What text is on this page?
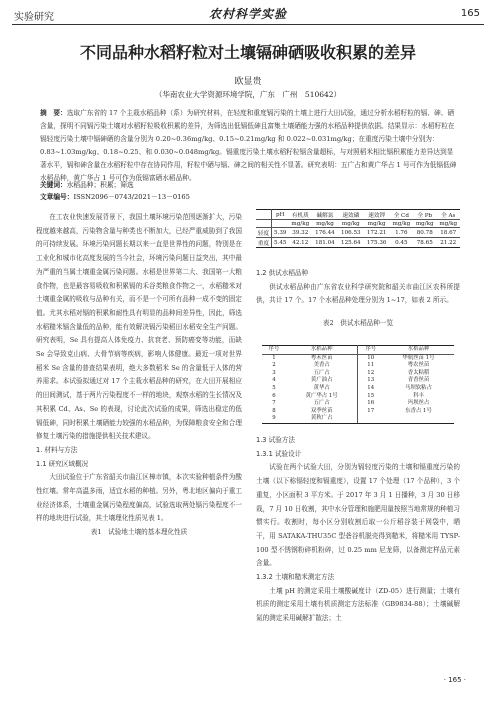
实验研究	农村科学实验	165
不同品种水稻籽粒对土壤镉砷硒吸收积累的差异
欧显贵
（华南农业大学资源环境学院，广东　广州　510642）
摘　要：选取广东省的 17 个主栽水稻品种（系）为研究材料，在轻度和重度镉污染的土壤上进行大田试验，通过分析水稻籽粒的镉、砷、硒含量，探明不同镉污染土壤对水稻籽粒吸收积累的差异，为筛选出低镉低砷且富集土壤硒能力强的水稻品种提供依据。结果显示：水稻籽粒在镉轻度污染土壤中镉砷硒的含量分别为 0.20~0.36mg/kg、0.15~0.21mg/kg 和 0.022~0.031mg/kg；在重度污染土壤中分别为：0.83~1.03mg/kg、0.18~0.25、和 0.030~0.048mg/kg。镉重度污染土壤水稻籽粒镉含量超标，与对照稻米相比镉积累能力差异达到显著水平，镉和砷含量在水稻籽粒中存在协同作用，籽粒中硒与镉、砷之间的相关性不显著。研究表明：五广占和黄广华占 1 号可作为低镉低砷水稻品种，黄广华占 1 号可作为低镉富硒水稻品种。
关键词：水稻品种；积累；筛选
文章编号：ISSN2096－0743/2021－13－0165
在工农业快速发展背景下，我国土壤环境污染范围逐渐扩大，污染程度越来越高，污染物含量与种类也不断加大，已经严重威胁到了我国的可持续发展。环境污染问题长期以来一直是世界性的问题，特别是在工业化和城市化高度发展的当今社会，环境污染问题日益突出，其中最为严重的当属土壤重金属污染问题。水稻是世界第二大、我国第一大粮食作物，也是最容易吸收和积累镉的禾谷类粮食作物之一，水稻糙米对土壤重金属的吸收与品种有关，而不是一个可所有品种一成不变的固定值。尤其水稻对镉的积累和耐性具有明显的品种间差异性，因此，筛选水稻糙米镉含量低的品种，能有效解决镉污染稻田水稻安全生产问题。研究表明，Se 具有提高人体免疫力、抗衰老、预防癌变等功能，而缺 Se 会导致克山病、大骨节病等疾病，影响人体健康。最近一项对世界稻米 Se 含量的普查结果表明，绝大多数稻米 Se 的含量低于人体的营养需求。本试验拟通过对 17 个主栽水稻品种的研究，在大田开展相应的田间测试，基于两片污染程度不一样的地块，观察水稻的生长情况及其积累 Cd、As、Se 的表现，讨论此次试验的成果，筛选出稳定的低镉低砷，同时积累土壤硒能力较强的水稻品种，为保障粮食安全和合理修复土壤污染的措施提供相关技术建议。
1. 材料与方法
1.1 研究区域概况
大田试验位于广东省韶关市曲江区樟市镇，本次实验种植条件为酸性红壤。常年高温多雨，适宜水稻的种植。另外，粤北地区偏向于重工业经济体系，土壤重金属污染程度偏高，试验选取两处镉污染程度不一样的地块进行试验，其土壤理化性质见表 1。
表1　试验地土壤的基本理化性质
	pH	有机质	碱解氮	速效磷	速效钾	全 Cd	全 Pb	全 As
		mg/kg	mg/kg	mg/kg	mg/kg	mg/kg	mg/kg	mg/kg
轻度	5.39	39.32	176.44	106.53	172.21	1.76	80.78	18.67
重度	5.45	42.12	181.04	125.64	175.36	0.45	78.65	21.22
1.2 供试水稻品种
供试水稻品种由广东省农业科学研究院和韶关市曲江区农科所提供，共计 17 个。17 个水稻品种处理分别为 1~17，如表 2 所示。
表2　供试水稻品种一览
序号	水稻品种	序号	水稻品种
1	粤禾丝苗	10	华航丝苗 1号
2	美香占	11	粤农丝苗
3	五广占	12	香太粘稻
4	黄广油占	13	青香丝苗
5	黄华占	14	马坝软粘占
6	黄广华占 1号	15	科丰
7	五广占	16	玛坝丝占
8	双季丝苗	17	东香占 1号
9	黄秋广占		
1.3 试验方法
1.3.1 试验设计
试验在两个试验大田，分别为镉轻度污染的土壤和镉重度污染的土壤（以下称镉轻度和镉重度），设置 17 个处理（17 个品种），3 个重复，小区面积 3 平方米。于 2017 年 3 月 1 日播种，3 月 30 日移栽，7 月 10 日收割，其中水分管理和施肥用量按照当地常规的种植习惯实行。收割时，每小区分别收割后取一公斤稻谷装于网袋中，晒干，用 SATAKA-THU35C 型砻谷机脱壳得到糙米，将糙米用 TYSP-100 型不锈钢粉碎机粉碎，过 0.25 mm 尼龙筛，以备测定样品元素含量。
1.3.2 土壤和糙米测定方法
土壤 pH 的测定采用土壤酸碱度计（ZD-05）进行测量；土壤有机质的测定采用土壤有机质测定方法标准（GB9834-88）；土壤碱解氮的测定采用碱解扩散法；土
· 165 ·
